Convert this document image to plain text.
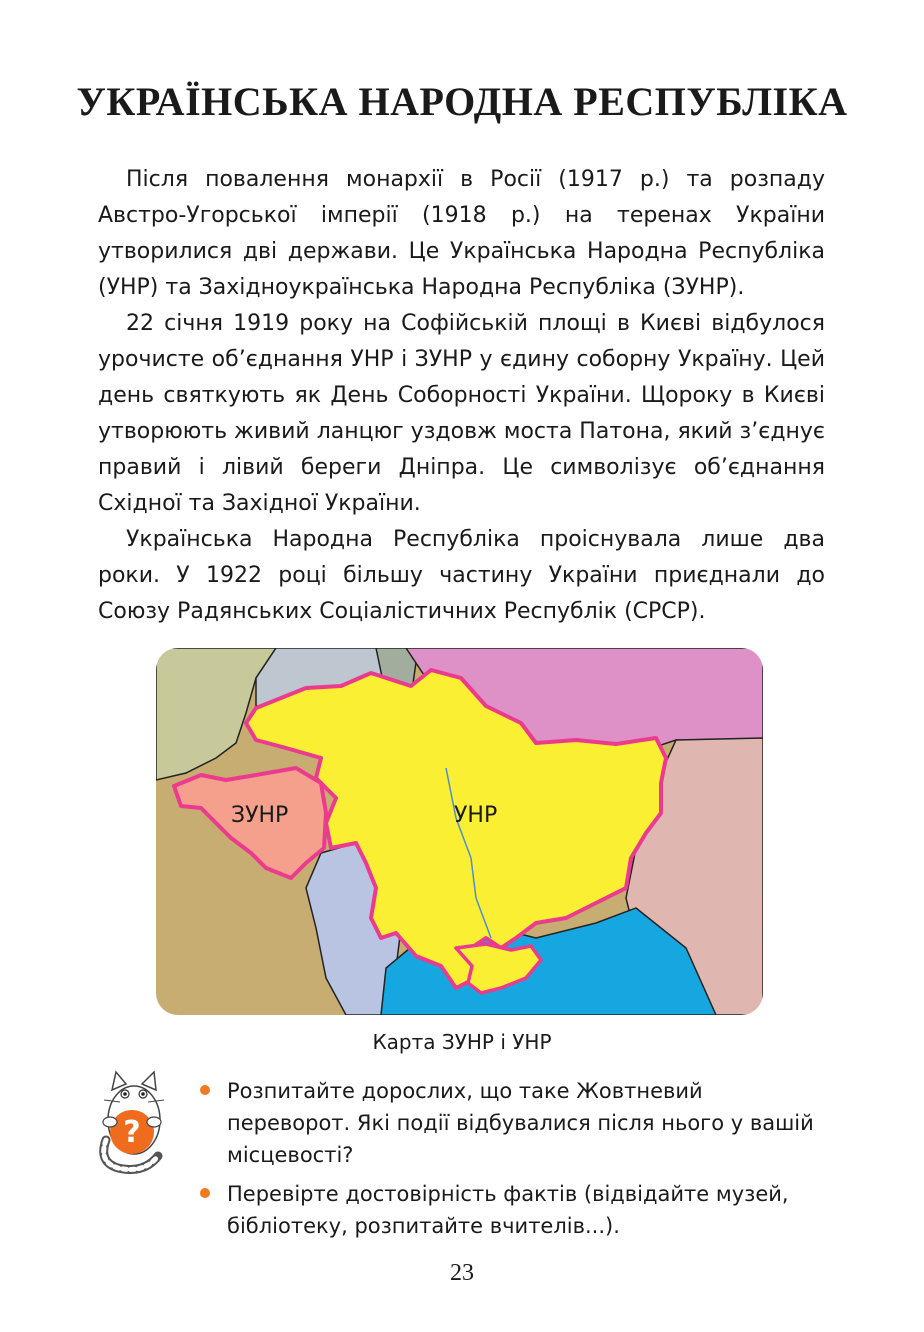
УКРАЇНСЬКА НАРОДНА РЕСПУБЛІКА

Після повалення монархії в Росії (1917 р.) та розпаду Австро-Угорської імперії (1918 р.) на теренах України утворилися дві держави. Це Українська Народна Республіка (УНР) та Західноукраїнська Народна Республіка (ЗУНР).

22 січня 1919 року на Софійській площі в Києві відбулося урочисте об’єднання УНР і ЗУНР у єдину соборну Україну. Цей день святкують як День Соборності України. Щороку в Києві утворюють живий ланцюг уздовж моста Патона, який з’єднує правий і лівий береги Дніпра. Це символізує об’єднання Східної та Західної України.

Українська Народна Республіка проіснувала лише два роки. У 1922 році більшу частину України приєднали до Союзу Радянських Соціалістичних Республік (СРСР).

ЗУНР	УНР
Карта ЗУНР і УНР
?
Розпитайте дорослих, що таке Жовтневий переворот. Які події відбувалися після нього у вашій місцевості?
Перевірте достовірність фактів (відвідайте музей, бібліотеку, розпитайте вчителів...).
23
